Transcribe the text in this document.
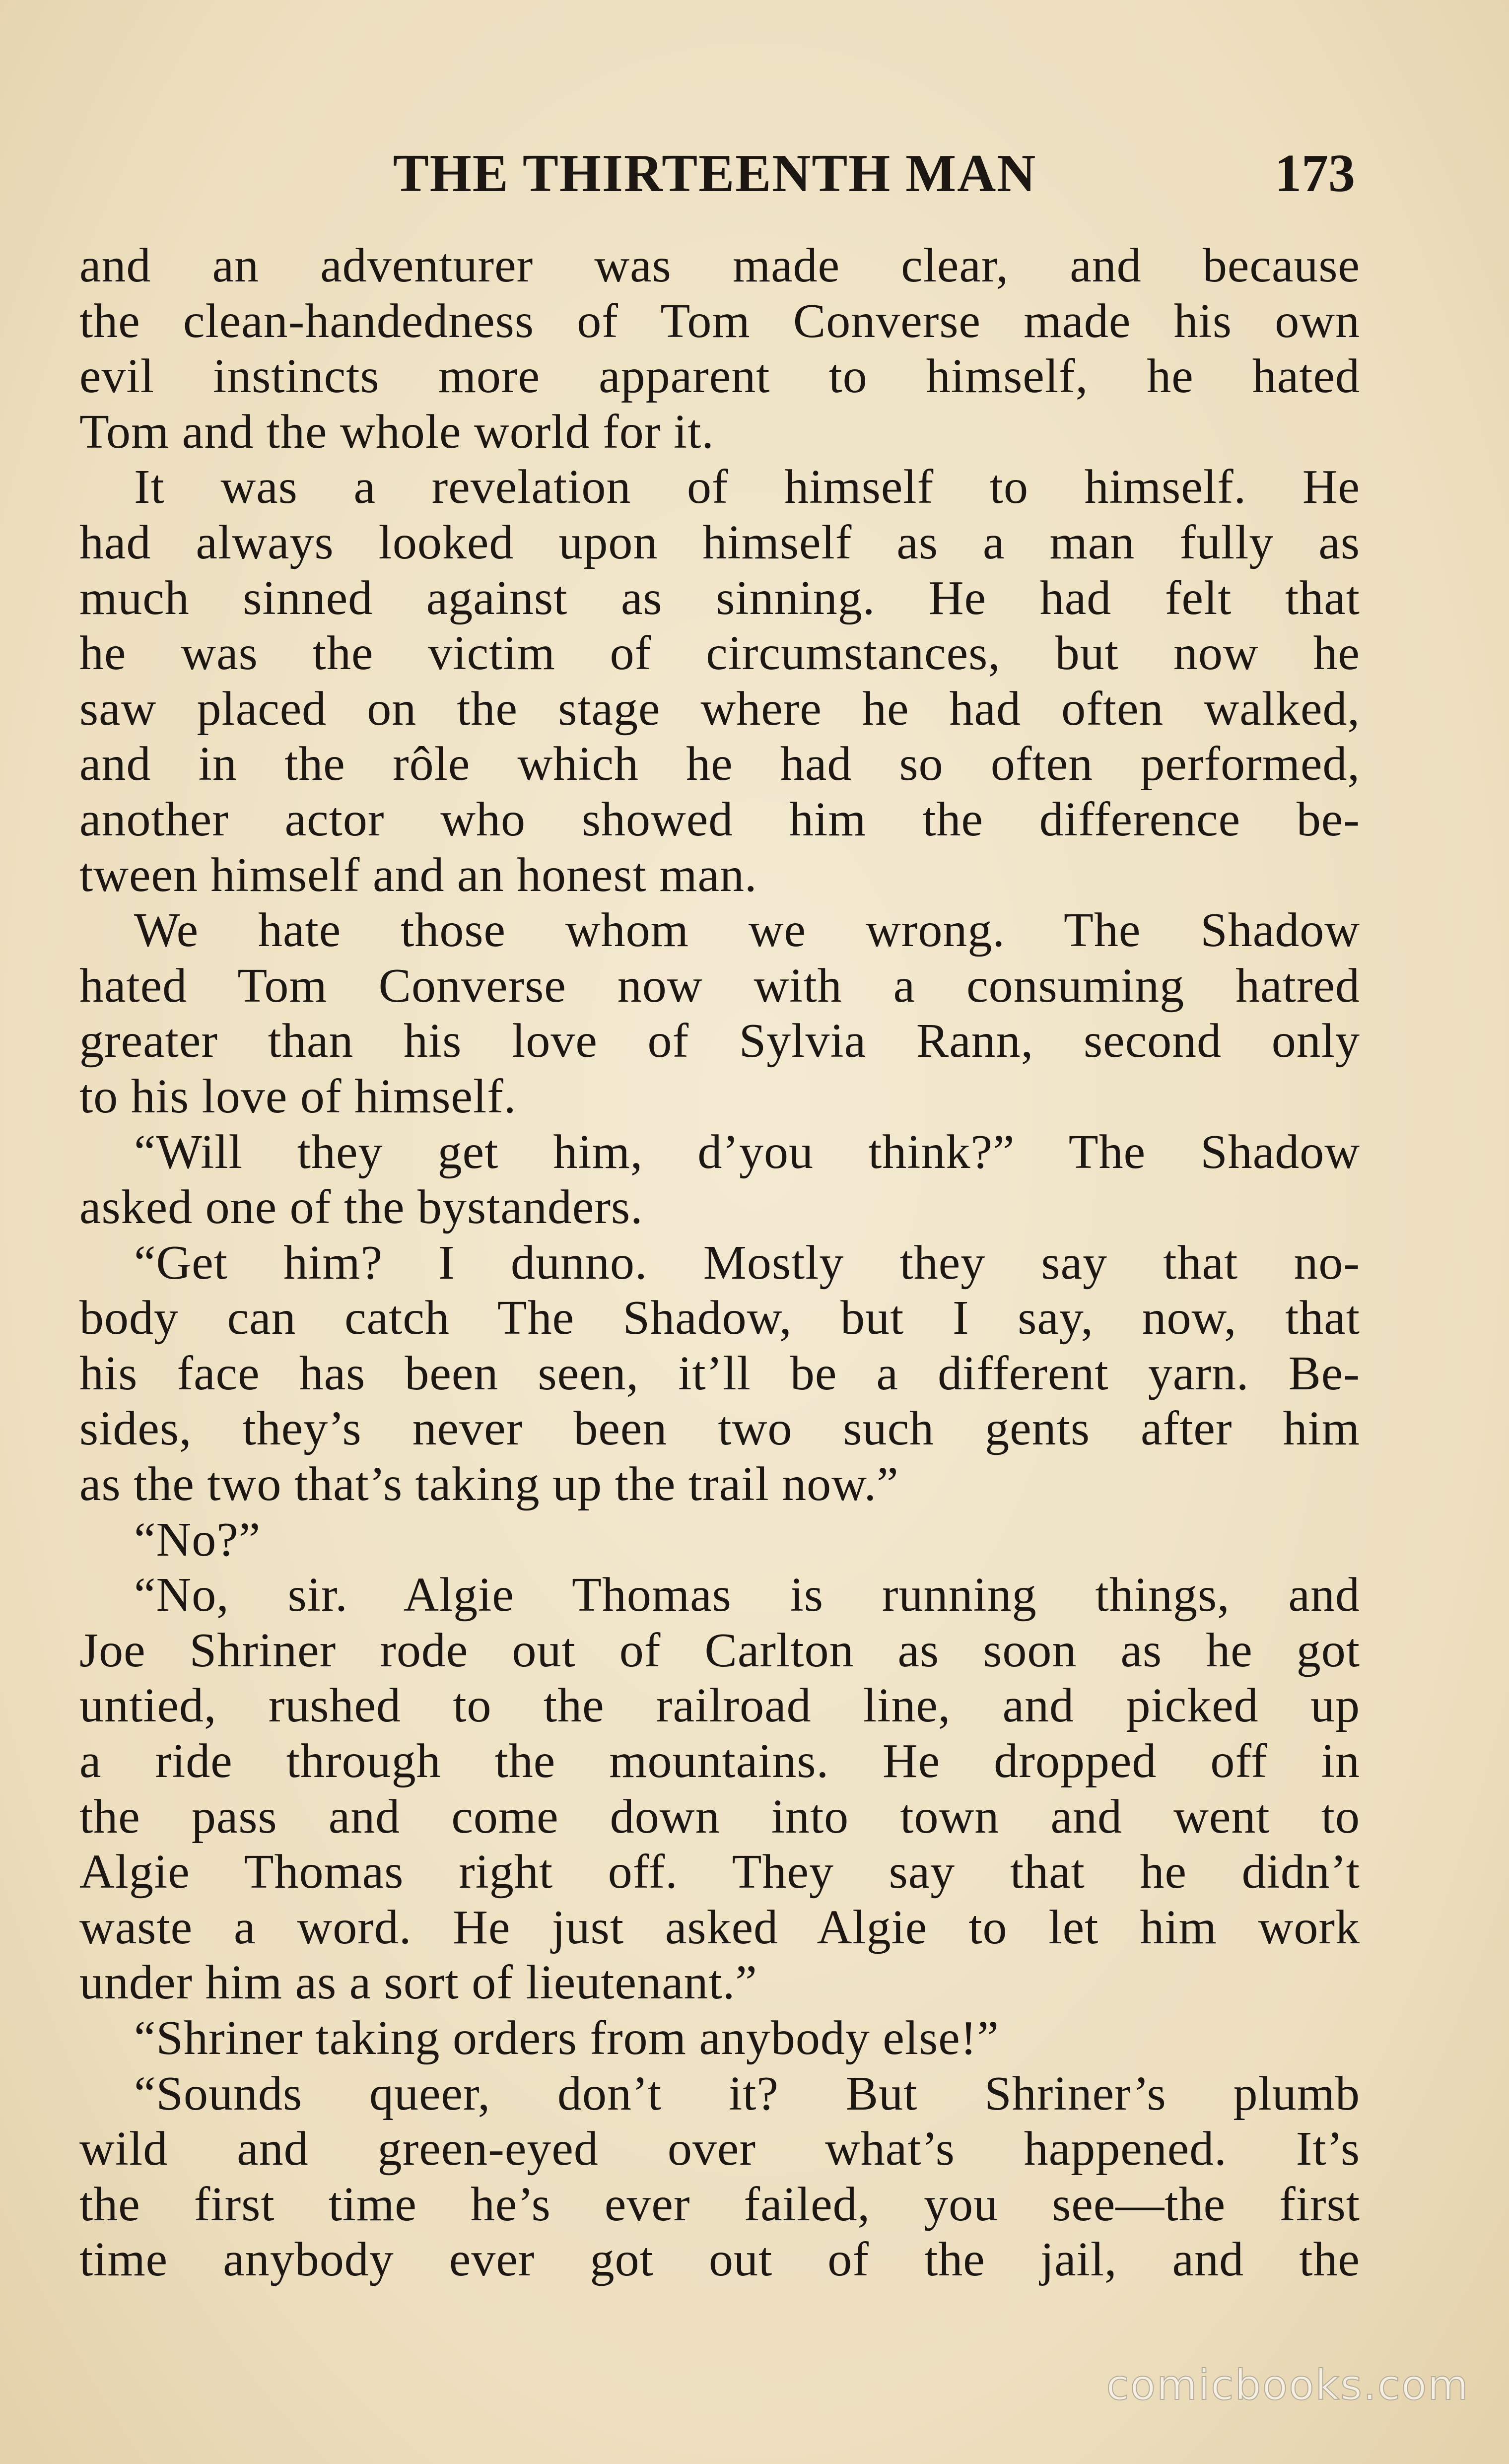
THE THIRTEENTH MAN	173
and an adventurer was made clear, and because
the clean-handedness of Tom Converse made his own
evil instincts more apparent to himself, he hated
Tom and the whole world for it.
It was a revelation of himself to himself. He
had always looked upon himself as a man fully as
much sinned against as sinning. He had felt that
he was the victim of circumstances, but now he
saw placed on the stage where he had often walked,
and in the rôle which he had so often performed,
another actor who showed him the difference be-
tween himself and an honest man.
We hate those whom we wrong. The Shadow
hated Tom Converse now with a consuming hatred
greater than his love of Sylvia Rann, second only
to his love of himself.
“Will they get him, d’you think?” The Shadow
asked one of the bystanders.
“Get him? I dunno. Mostly they say that no-
body can catch The Shadow, but I say, now, that
his face has been seen, it’ll be a different yarn. Be-
sides, they’s never been two such gents after him
as the two that’s taking up the trail now.”
“No?”
“No, sir. Algie Thomas is running things, and
Joe Shriner rode out of Carlton as soon as he got
untied, rushed to the railroad line, and picked up
a ride through the mountains. He dropped off in
the pass and come down into town and went to
Algie Thomas right off. They say that he didn’t
waste a word. He just asked Algie to let him work
under him as a sort of lieutenant.”
“Shriner taking orders from anybody else!”
“Sounds queer, don’t it? But Shriner’s plumb
wild and green-eyed over what’s happened. It’s
the first time he’s ever failed, you see—the first
time anybody ever got out of the jail, and the
comicbooks.com
